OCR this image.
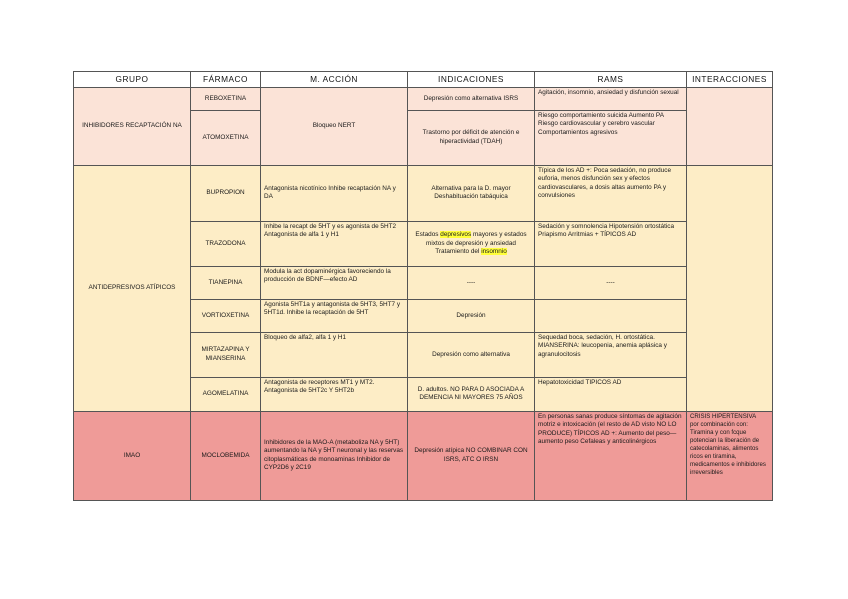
GRUPO	FÁRMACO	M. ACCIÓN	INDICACIONES	RAMS	INTERACCIONES
INHIBIDORES RECAPTACIÓN NA	REBOXETINA	Bloqueo NERT	Depresión como alternativa ISRS	Agitación, insomnio, ansiedad y disfunción sexual	
	ATOMOXETINA		Trastorno por déficit de atención e hiperactividad (TDAH)	Riesgo comportamiento suicida Aumento PA Riesgo cardiovascular y cerebro vascular Comportamientos agresivos	
ANTIDEPRESIVOS ATÍPICOS	BUPROPION	Antagonista nicotínico Inhibe recaptación NA y DA	Alternativa para la D. mayor Deshabituación tabáquica	Típica de los AD +: Poca sedación, no produce euforia, menos disfunción sex y efectos cardiovasculares, a dosis altas aumento PA y convulsiones	
	TRAZODONA	Inhibe la recapt de 5HT y es agonista de 5HT2 Antagonista de alfa 1 y H1	Estados depresivos mayores y estados mixtos de depresión y ansiedad Tratamiento del insomnio	Sedación y somnolencia Hipotensión ortostática Priapismo Arritmias + TÍPICOS AD	
	TIANEPINA	Modula la act dopaminérgica favoreciendo la producción de BDNF—efecto AD	----	----	
	VORTIOXETINA	Agonista 5HT1a y antagonista de 5HT3, 5HT7 y 5HT1d. Inhibe la recaptación de 5HT	Depresión		
	MIRTAZAPINA Y MIANSERINA	Bloqueo de alfa2, alfa 1 y H1	Depresión como alternativa	Sequedad boca, sedación, H. ortostática. MIANSERINA: leucopenia, anemia aplásica y agranulocitosis	
	AGOMELATINA	Antagonista de receptores MT1 y MT2. Antagonista de 5HT2c Y 5HT2b	D. adultos. NO PARA D ASOCIADA A DEMENCIA NI MAYORES 75 AÑOS	Hepatotoxicidad TIPICOS AD	
IMAO	MOCLOBEMIDA	Inhibidores de la MAO-A (metaboliza NA y 5HT) aumentando la NA y 5HT neuronal y las reservas citoplasmáticas de monoaminas Inhibidor de CYP2D6 y 2C19	Depresión atípica NO COMBINAR CON ISRS, ATC O IRSN	En personas sanas produce síntomas de agitación motriz e intoxicación (el resto de AD visto NO LO PRODUCE) TÍPICOS AD +: Aumento del peso—aumento peso Cefaleas y anticolinérgicos	CRISIS HIPERTENSIVA
por combinación con: Tiramina y con fcque potencian la liberación de catecolaminas, alimentos ricos en tiramina, medicamentos e inhibidores irreversibles
